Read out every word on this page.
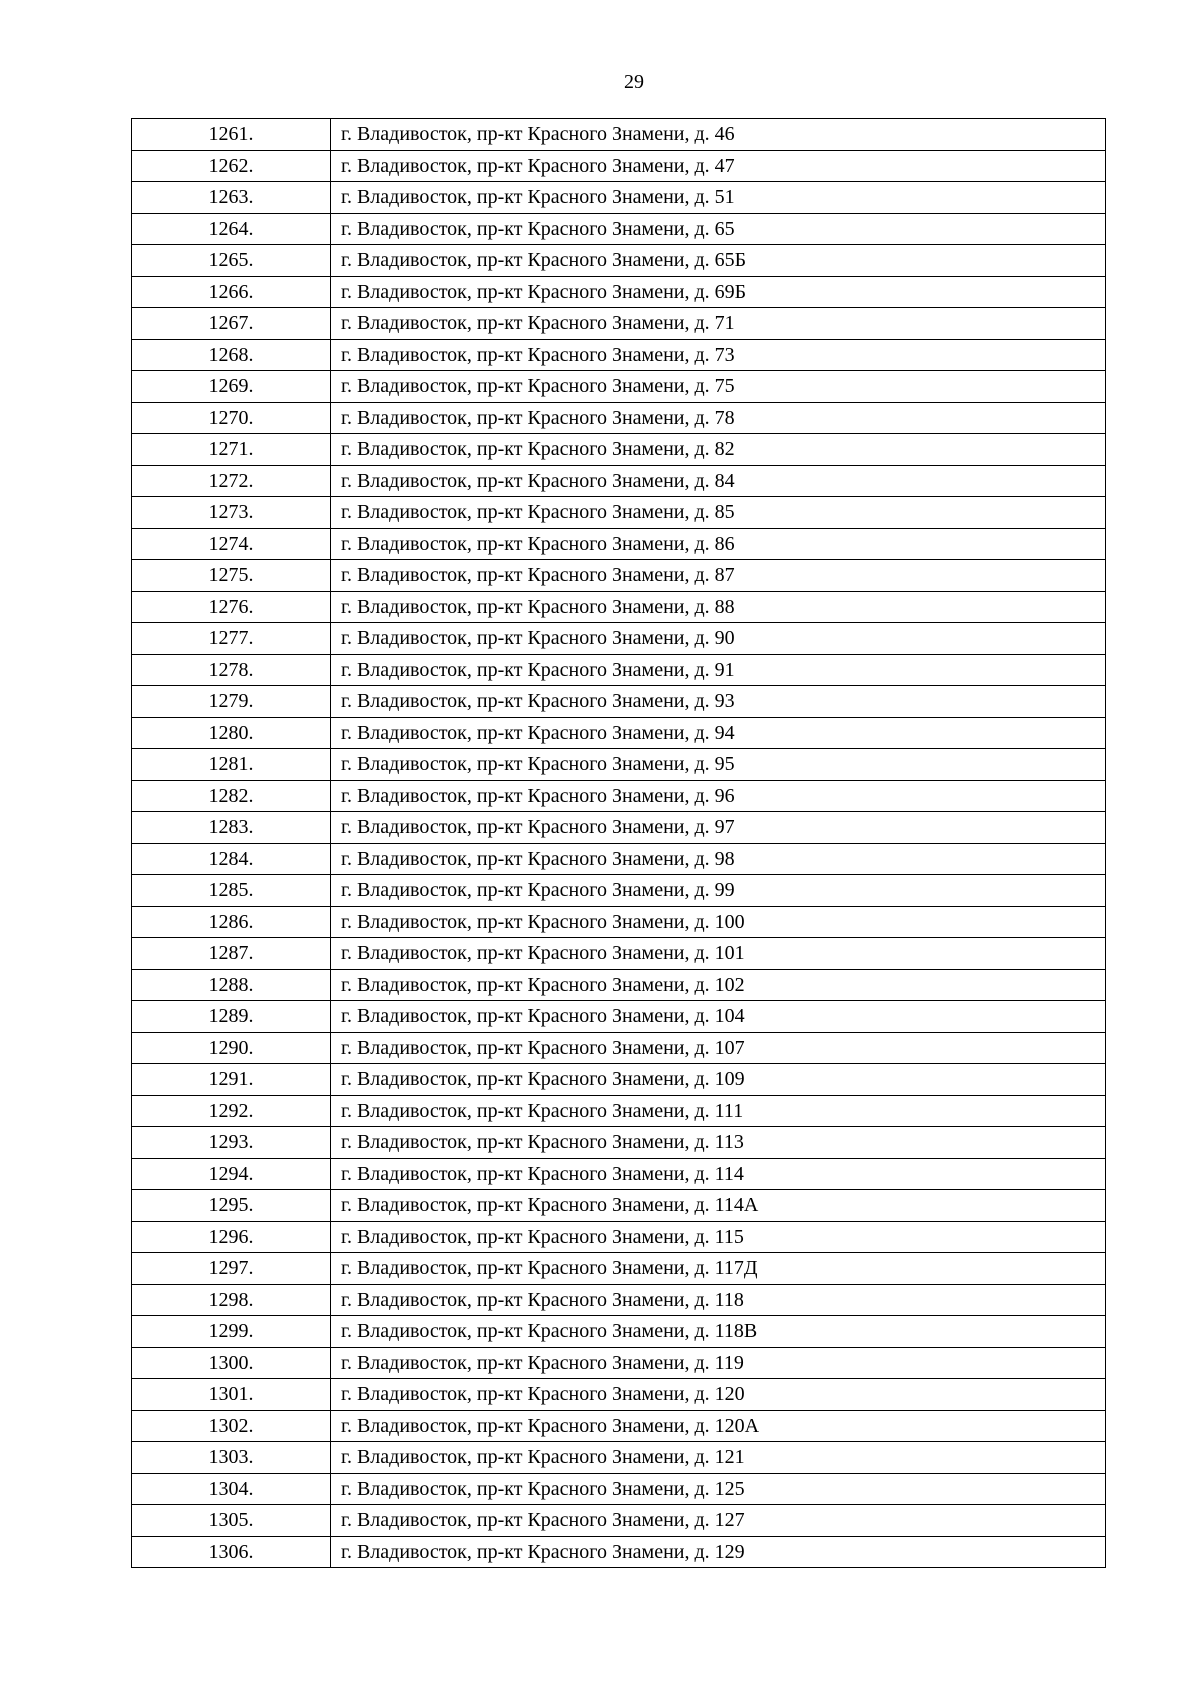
29
1261.	г. Владивосток, пр-кт Красного Знамени, д. 46
1262.	г. Владивосток, пр-кт Красного Знамени, д. 47
1263.	г. Владивосток, пр-кт Красного Знамени, д. 51
1264.	г. Владивосток, пр-кт Красного Знамени, д. 65
1265.	г. Владивосток, пр-кт Красного Знамени, д. 65Б
1266.	г. Владивосток, пр-кт Красного Знамени, д. 69Б
1267.	г. Владивосток, пр-кт Красного Знамени, д. 71
1268.	г. Владивосток, пр-кт Красного Знамени, д. 73
1269.	г. Владивосток, пр-кт Красного Знамени, д. 75
1270.	г. Владивосток, пр-кт Красного Знамени, д. 78
1271.	г. Владивосток, пр-кт Красного Знамени, д. 82
1272.	г. Владивосток, пр-кт Красного Знамени, д. 84
1273.	г. Владивосток, пр-кт Красного Знамени, д. 85
1274.	г. Владивосток, пр-кт Красного Знамени, д. 86
1275.	г. Владивосток, пр-кт Красного Знамени, д. 87
1276.	г. Владивосток, пр-кт Красного Знамени, д. 88
1277.	г. Владивосток, пр-кт Красного Знамени, д. 90
1278.	г. Владивосток, пр-кт Красного Знамени, д. 91
1279.	г. Владивосток, пр-кт Красного Знамени, д. 93
1280.	г. Владивосток, пр-кт Красного Знамени, д. 94
1281.	г. Владивосток, пр-кт Красного Знамени, д. 95
1282.	г. Владивосток, пр-кт Красного Знамени, д. 96
1283.	г. Владивосток, пр-кт Красного Знамени, д. 97
1284.	г. Владивосток, пр-кт Красного Знамени, д. 98
1285.	г. Владивосток, пр-кт Красного Знамени, д. 99
1286.	г. Владивосток, пр-кт Красного Знамени, д. 100
1287.	г. Владивосток, пр-кт Красного Знамени, д. 101
1288.	г. Владивосток, пр-кт Красного Знамени, д. 102
1289.	г. Владивосток, пр-кт Красного Знамени, д. 104
1290.	г. Владивосток, пр-кт Красного Знамени, д. 107
1291.	г. Владивосток, пр-кт Красного Знамени, д. 109
1292.	г. Владивосток, пр-кт Красного Знамени, д. 111
1293.	г. Владивосток, пр-кт Красного Знамени, д. 113
1294.	г. Владивосток, пр-кт Красного Знамени, д. 114
1295.	г. Владивосток, пр-кт Красного Знамени, д. 114А
1296.	г. Владивосток, пр-кт Красного Знамени, д. 115
1297.	г. Владивосток, пр-кт Красного Знамени, д. 117Д
1298.	г. Владивосток, пр-кт Красного Знамени, д. 118
1299.	г. Владивосток, пр-кт Красного Знамени, д. 118В
1300.	г. Владивосток, пр-кт Красного Знамени, д. 119
1301.	г. Владивосток, пр-кт Красного Знамени, д. 120
1302.	г. Владивосток, пр-кт Красного Знамени, д. 120А
1303.	г. Владивосток, пр-кт Красного Знамени, д. 121
1304.	г. Владивосток, пр-кт Красного Знамени, д. 125
1305.	г. Владивосток, пр-кт Красного Знамени, д. 127
1306.	г. Владивосток, пр-кт Красного Знамени, д. 129
